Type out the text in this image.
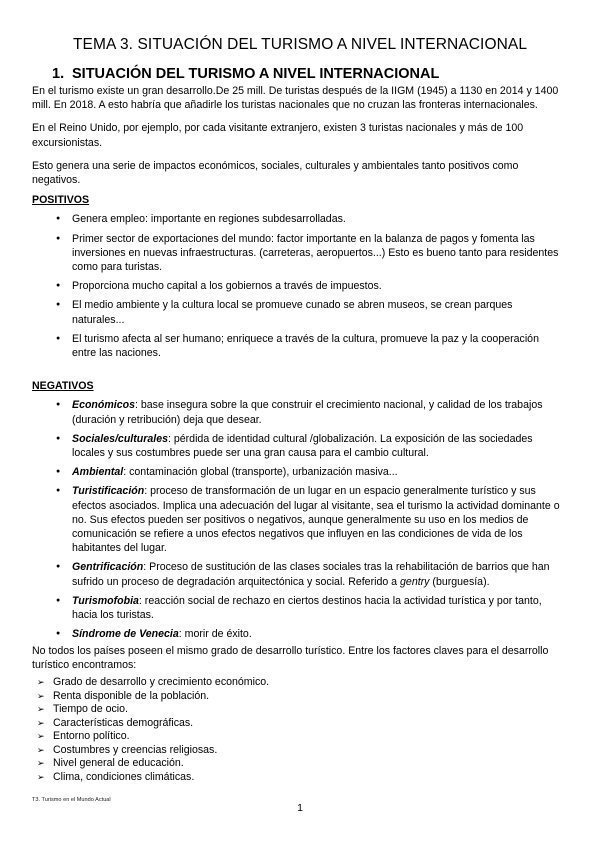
TEMA 3. SITUACIÓN DEL TURISMO A NIVEL INTERNACIONAL
1. SITUACIÓN DEL TURISMO A NIVEL INTERNACIONAL

En el turismo existe un gran desarrollo.De 25 mill. De turistas después de la IIGM (1945) a 1130 en 2014 y 1400 mill. En 2018. A esto habría que añadirle los turistas nacionales que no cruzan las fronteras internacionales.

En el Reino Unido, por ejemplo, por cada visitante extranjero, existen 3 turistas nacionales y más de 100 excursionistas.

Esto genera una serie de impactos económicos, sociales, culturales y ambientales tanto positivos como negativos.

POSITIVOS

● Genera empleo: importante en regiones subdesarrolladas.
● Primer sector de exportaciones del mundo: factor importante en la balanza de pagos y fomenta las inversiones en nuevas infraestructuras. (carreteras, aeropuertos...) Esto es bueno tanto para residentes como para turistas.
● Proporciona mucho capital a los gobiernos a través de impuestos.
● El medio ambiente y la cultura local se promueve cunado se abren museos, se crean parques naturales...
● El turismo afecta al ser humano; enriquece a través de la cultura, promueve la paz y la cooperación entre las naciones.

NEGATIVOS

● Económicos: base insegura sobre la que construir el crecimiento nacional, y calidad de los trabajos (duración y retribución) deja que desear.
● Sociales/culturales: pérdida de identidad cultural /globalización. La exposición de las sociedades locales y sus costumbres puede ser una gran causa para el cambio cultural.
● Ambiental: contaminación global (transporte), urbanización masiva...
● Turistificación: proceso de transformación de un lugar en un espacio generalmente turístico y sus efectos asociados. Implica una adecuación del lugar al visitante, sea el turismo la actividad dominante o no. Sus efectos pueden ser positivos o negativos, aunque generalmente su uso en los medios de comunicación se refiere a unos efectos negativos que influyen en las condiciones de vida de los habitantes del lugar.
● Gentrificación: Proceso de sustitución de las clases sociales tras la rehabilitación de barrios que han sufrido un proceso de degradación arquitectónica y social. Referido a gentry (burguesía).
● Turismofobia: reacción social de rechazo en ciertos destinos hacia la actividad turística y por tanto, hacia los turistas.
● Síndrome de Venecia: morir de éxito.

No todos los países poseen el mismo grado de desarrollo turístico. Entre los factores claves para el desarrollo turístico encontramos:

➢ Grado de desarrollo y crecimiento económico.
➢ Renta disponible de la población.
➢ Tiempo de ocio.
➢ Características demográficas.
➢ Entorno político.
➢ Costumbres y creencias religiosas.
➢ Nivel general de educación.
➢ Clima, condiciones climáticas.
T3. Turismo en el Mundo Actual
1
